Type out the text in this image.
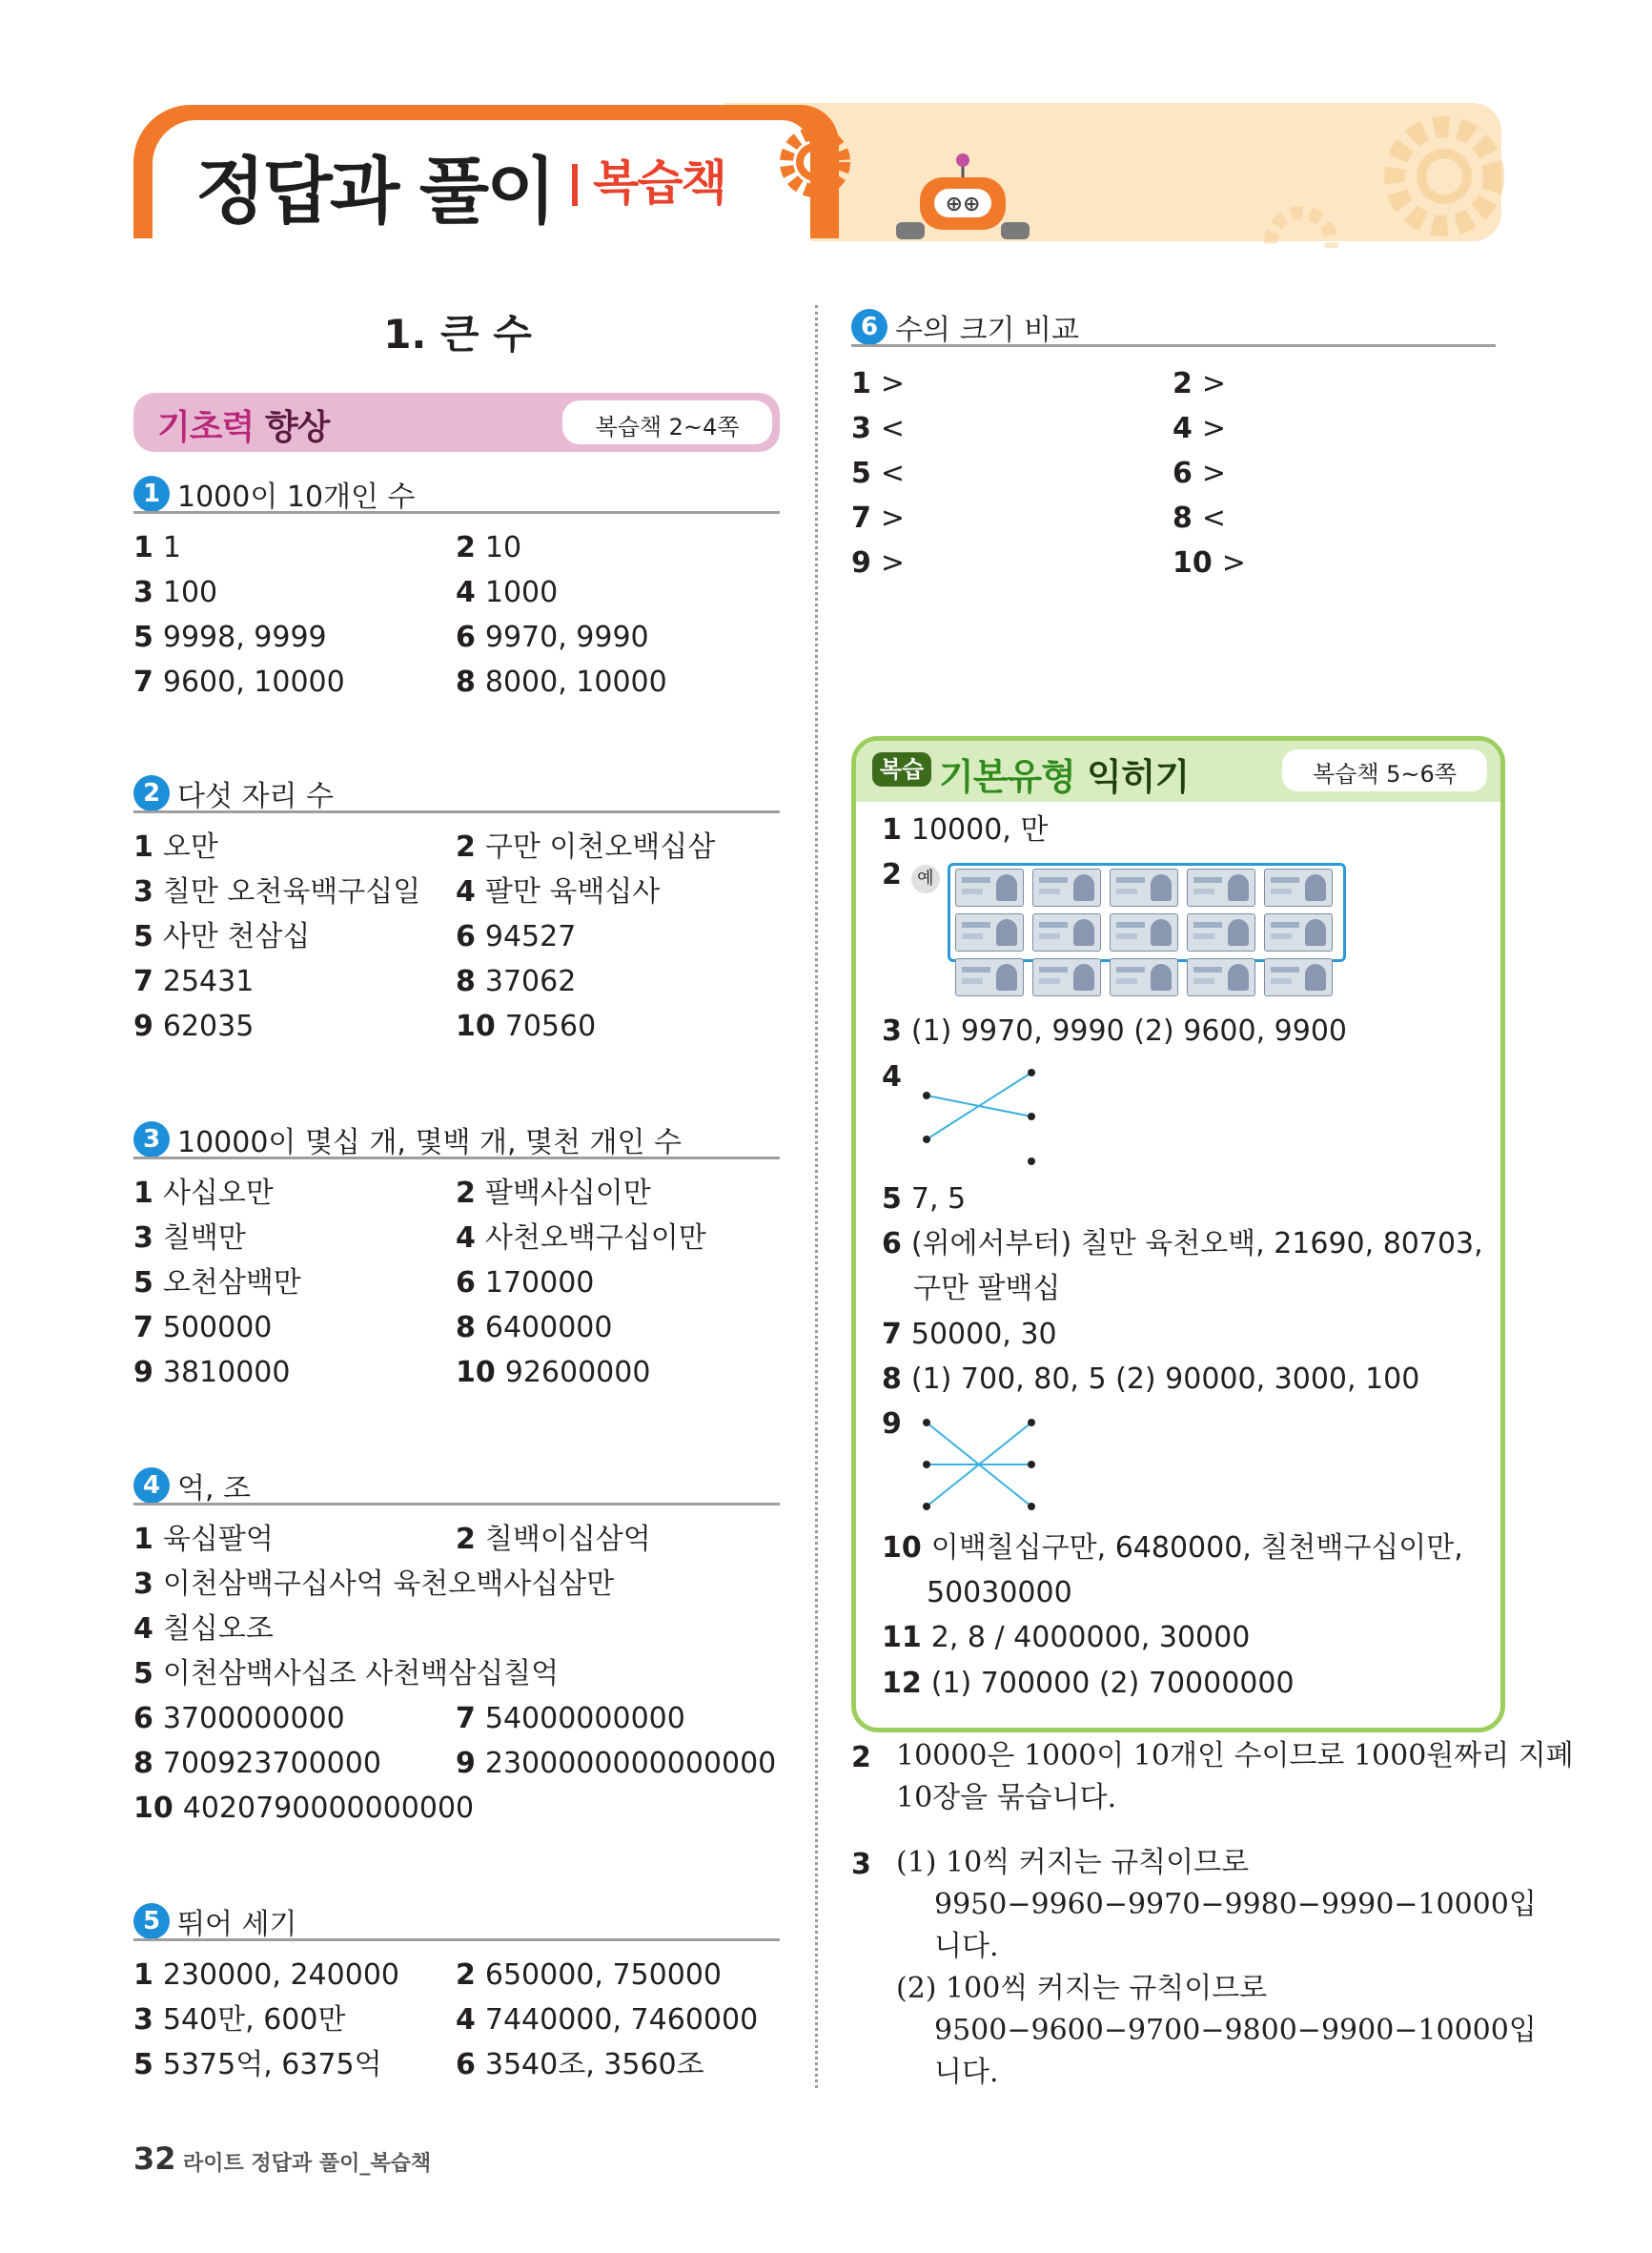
⊕⊕
정답과 풀이 복습책
1. 큰 수
기초력 향상	복습책 2~4쪽
1 1000이 10개인 수
2 다섯 자리 수
3 10000이 몇십 개, 몇백 개, 몇천 개인 수
4 억, 조
5 뛰어 세기
1 1	2 10
3 100	4 1000
5 9998, 9999	6 9970, 9990
7 9600, 10000	8 8000, 10000
1 오만	2 구만 이천오백십삼
3 칠만 오천육백구십일 4 팔만 육백십사
5 사만 천삼십	6 94527
7 25431	8 37062
9 62035	10 70560
1 사십오만	2 팔백사십이만
3 칠백만	4 사천오백구십이만
5 오천삼백만	6 170000
7 500000	8 6400000
9 3810000	10 92600000
1 육십팔억	2 칠백이십삼억
3 이천삼백구십사억 육천오백사십삼만
4 칠십오조
5 이천삼백사십조 사천백삼십칠억
6 3700000000	7 54000000000
8 700923700000	9 2300000000000000
10 4020790000000000
1 230000, 240000 2 650000, 750000
3 540만, 600만	4 7440000, 7460000
5 5375억, 6375억	6 3540조, 3560조
6 수의 크기 비교
1 >	2 >
3 <	4 >
5 <	6 >
7 >	8 <
9 >	10 >
복습 기본유형 익히기	복습책 5~6쪽
1 10000, 만
2 예
3 (1) 9970, 9990 (2) 9600, 9900
4
5 7, 5
6 (위에서부터) 칠만 육천오백, 21690, 80703,
구만 팔백십
7 50000, 30
8 (1) 700, 80, 5 (2) 90000, 3000, 100
9
10 이백칠십구만, 6480000, 칠천백구십이만,
50030000
11 2, 8 / 4000000, 30000
12 (1) 700000 (2) 70000000
2 10000은 1000이 10개인 수이므로 1000원짜리 지폐
10장을 묶습니다.
3 (1) 10씩 커지는 규칙이므로
9950−9960−9970−9980−9990−10000입
니다.
(2) 100씩 커지는 규칙이므로
9500−9600−9700−9800−9900−10000입
니다.
32 라이트 정답과 풀이_복습책
